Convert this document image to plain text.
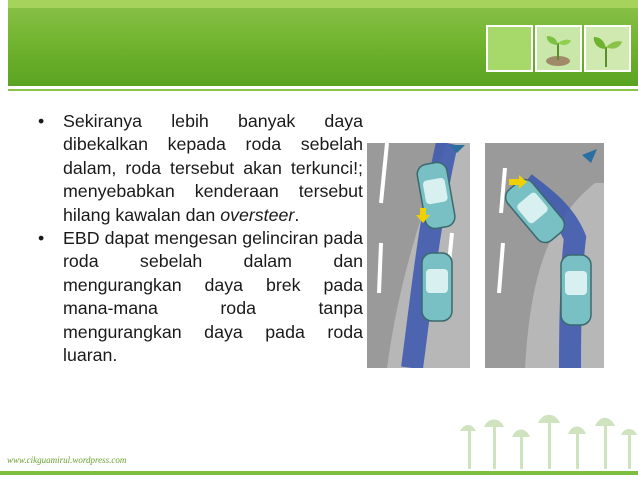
• Sekiranya lebih banyak daya dibekalkan kepada roda sebelah dalam, roda tersebut akan terkunci!; menyebabkan kenderaan tersebut hilang kawalan dan oversteer.
• EBD dapat mengesan gelinciran pada roda sebelah dalam dan mengurangkan daya brek pada mana-mana roda tanpa mengurangkan daya pada roda luaran.
www.cikguamirul.wordpress.com
